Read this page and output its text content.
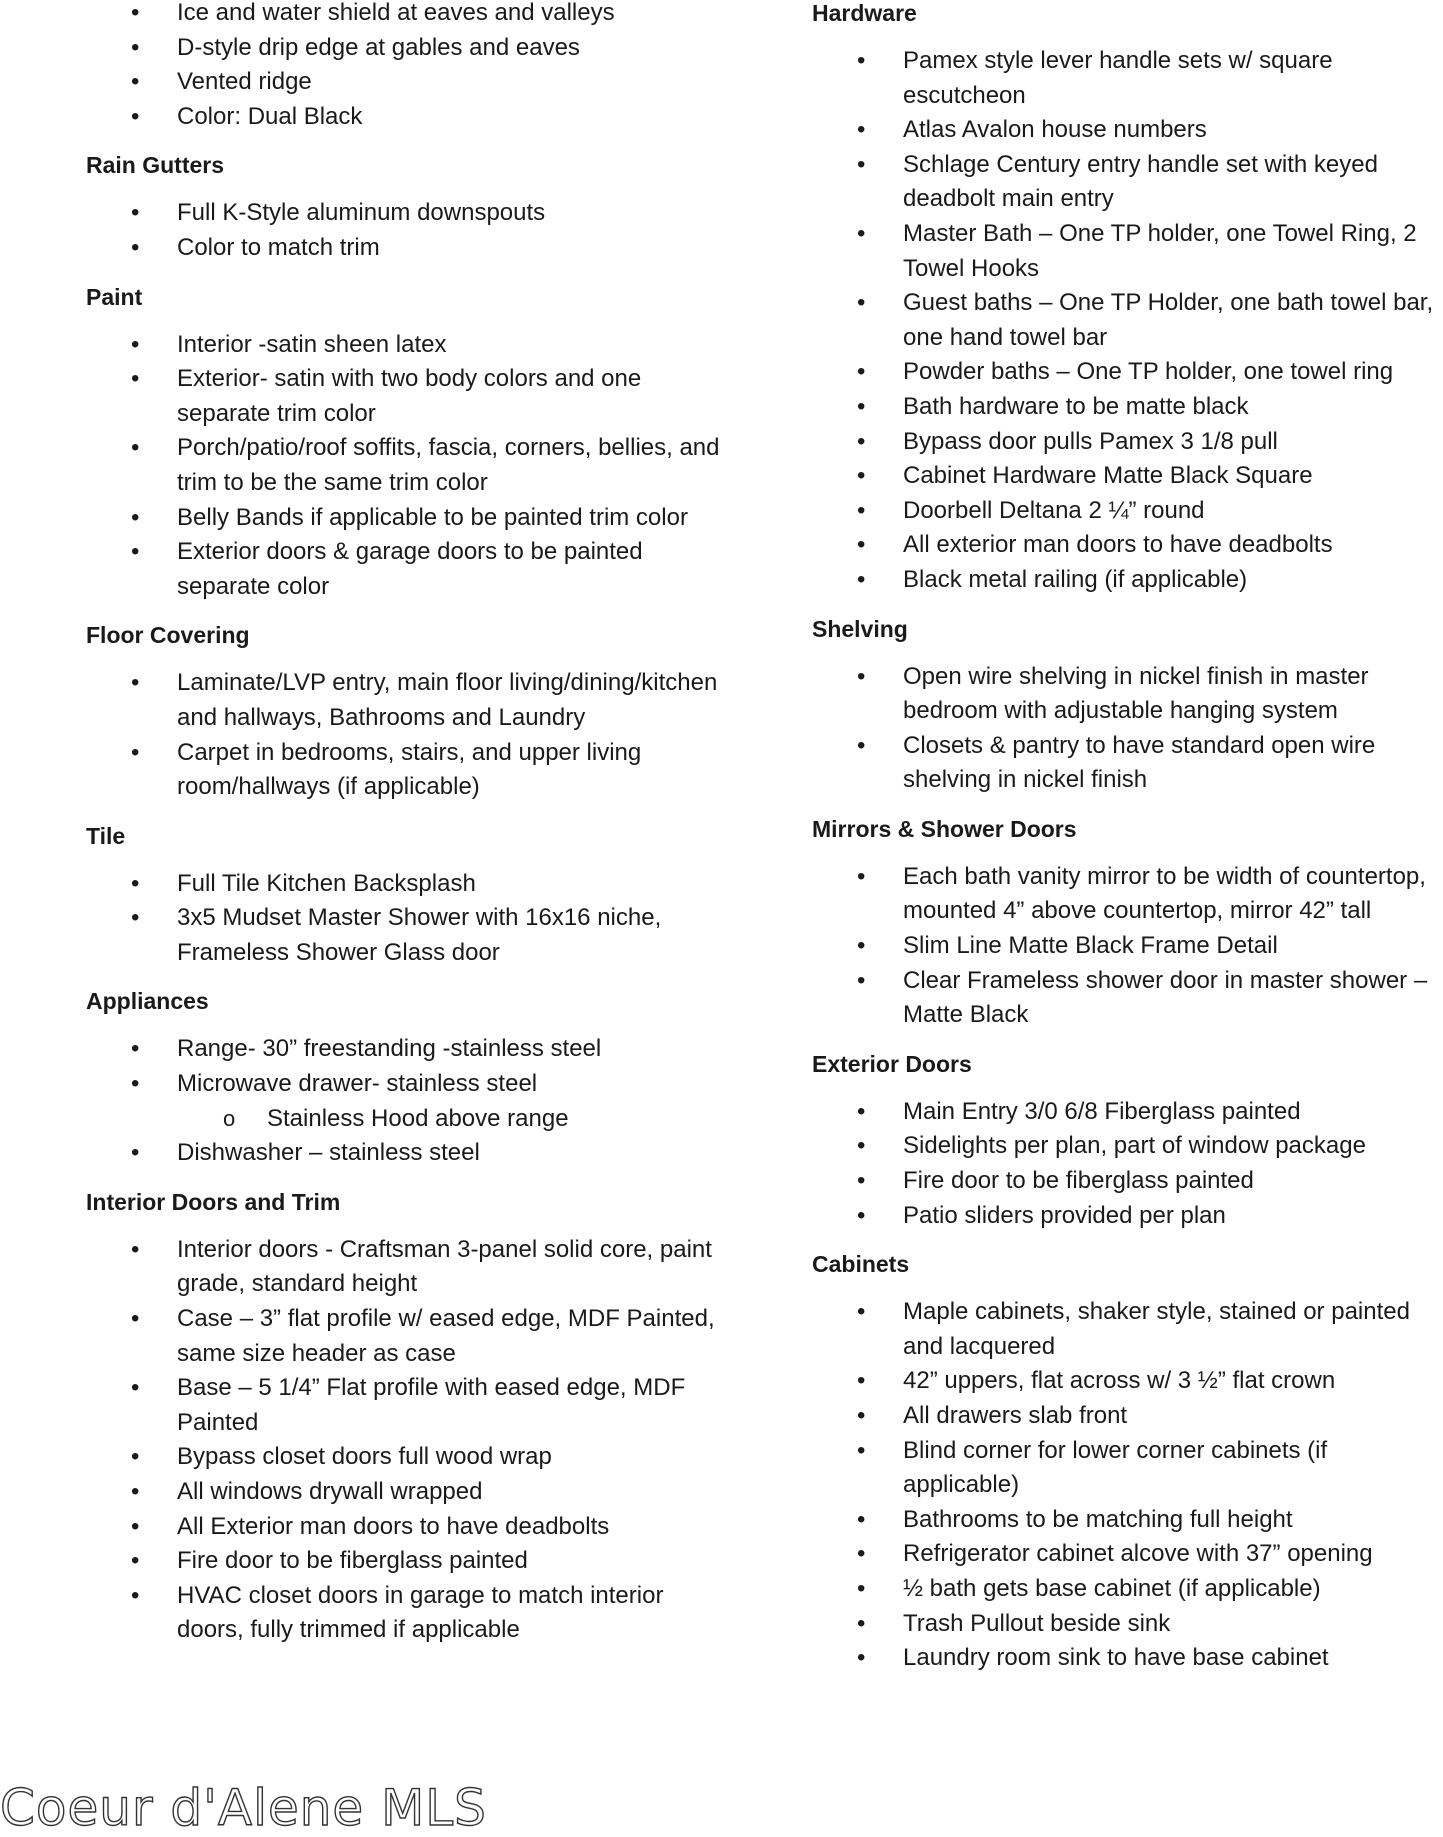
• Ice and water shield at eaves and valleys
• D-style drip edge at gables and eaves
• Vented ridge
• Color: Dual Black
Rain Gutters
• Full K-Style aluminum downspouts
• Color to match trim
Paint
• Interior -satin sheen latex
• Exterior- satin with two body colors and one separate trim color
• Porch/patio/roof soffits, fascia, corners, bellies, and trim to be the same trim color
• Belly Bands if applicable to be painted trim color
• Exterior doors & garage doors to be painted separate color
Floor Covering
• Laminate/LVP entry, main floor living/dining/kitchen and hallways, Bathrooms and Laundry
• Carpet in bedrooms, stairs, and upper living room/hallways (if applicable)
Tile
• Full Tile Kitchen Backsplash
• 3x5 Mudset Master Shower with 16x16 niche, Frameless Shower Glass door
Appliances
• Range- 30” freestanding -stainless steel
• Microwave drawer- stainless steel
o Stainless Hood above range
• Dishwasher – stainless steel
Interior Doors and Trim
• Interior doors - Craftsman 3-panel solid core, paint grade, standard height
• Case – 3” flat profile w/ eased edge, MDF Painted, same size header as case
• Base – 5 1/4” Flat profile with eased edge, MDF Painted
• Bypass closet doors full wood wrap
• All windows drywall wrapped
• All Exterior man doors to have deadbolts
• Fire door to be fiberglass painted
• HVAC closet doors in garage to match interior doors, fully trimmed if applicable
Hardware
• Pamex style lever handle sets w/ square escutcheon
• Atlas Avalon house numbers
• Schlage Century entry handle set with keyed deadbolt main entry
• Master Bath – One TP holder, one Towel Ring, 2 Towel Hooks
• Guest baths – One TP Holder, one bath towel bar, one hand towel bar
• Powder baths – One TP holder, one towel ring
• Bath hardware to be matte black
• Bypass door pulls Pamex 3 1/8 pull
• Cabinet Hardware Matte Black Square
• Doorbell Deltana 2 ¼” round
• All exterior man doors to have deadbolts
• Black metal railing (if applicable)
Shelving
• Open wire shelving in nickel finish in master bedroom with adjustable hanging system
• Closets & pantry to have standard open wire shelving in nickel finish
Mirrors & Shower Doors
• Each bath vanity mirror to be width of countertop, mounted 4” above countertop, mirror 42” tall
• Slim Line Matte Black Frame Detail
• Clear Frameless shower door in master shower – Matte Black
Exterior Doors
• Main Entry 3/0 6/8 Fiberglass painted
• Sidelights per plan, part of window package
• Fire door to be fiberglass painted
• Patio sliders provided per plan
Cabinets
• Maple cabinets, shaker style, stained or painted and lacquered
• 42” uppers, flat across w/ 3 ½” flat crown
• All drawers slab front
• Blind corner for lower corner cabinets (if applicable)
• Bathrooms to be matching full height
• Refrigerator cabinet alcove with 37” opening
• ½ bath gets base cabinet (if applicable)
• Trash Pullout beside sink
• Laundry room sink to have base cabinet
Coeur d'Alene MLS
